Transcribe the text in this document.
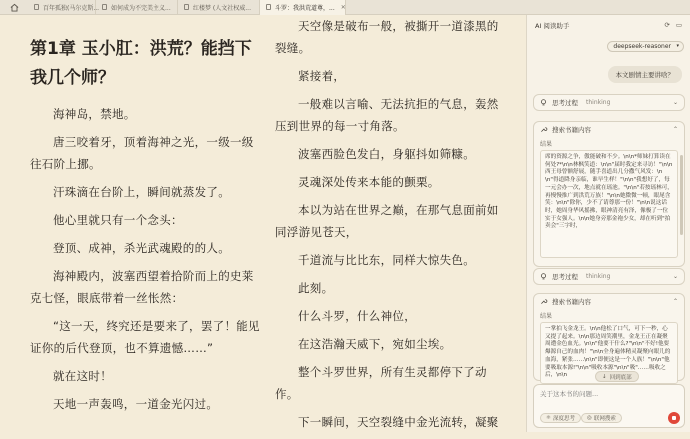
百年孤独(马尔克斯... 如何成为不完美主义...	红楼梦 (人文社权威...	斗罗：我洪荒道尊，... ✕
第1章 玉小肛：洪荒？能挡下我几个师？
海神岛，禁地。
唐三咬着牙，顶着海神之光，一级一级往石阶上挪。
汗珠滴在台阶上，瞬间就蒸发了。
他心里就只有一个念头：
登顶、成神，杀光武魂殿的的人。
海神殿内，波塞西望着拾阶而上的史莱克七怪，眼底带着一丝怅然：
“这一天，终究还是要来了，罢了！能见证你的后代登顶，也不算遗憾……”
就在这时！
天地一声轰鸣，一道金光闪过。
天空像是破布一般，被撕开一道漆黑的裂缝。
紧接着，
一般难以言喻、无法抗拒的气息，轰然压到世界的每一寸角落。
波塞西脸色发白，身躯抖如筛糠。
灵魂深处传来本能的颤栗。
本以为站在世界之巅，在那气息面前如同浮游见苍天，
千道流与比比东，同样大惊失色。
此刻。
什么斗罗，什么神位，
在这浩瀚天威下，宛如尘埃。
整个斗罗世界，所有生灵都停下了动作。
下一瞬间，天空裂缝中金光流转，凝聚
AI 阅读助手	⟳ ▭
deepseek-reasoner ▾
本文剧情主要讲啥？
思考过程 thinking	⌄
搜索书籍内容	⌃
结果
席的资源之争，傲能破和不少。\n\n*师妹打算读在何处?*\n\n林枫笑道：\n\n"届时我定来寻访！"\n\n西王母曾额舒展，随手喜道出几分撒气风发：\n\n"得道降身亲临，谁早生样！"\n\n"我想好了，每一元会办一次，地点就在瑶池。"\n\n"若按瑶林可，再慢慢推广到洪荒万族！"\n\n她微微一顿，眼尾含笑：\n\n"除你，少不了请尊那一份！"\n\n说这话时，她周身华风摇拂，眼神清亮有泽，像极了一位实于女强人。\n\n她身旁那金袍少女，却在听到"拍卖会"三字时，
思考过程 thinking	⌄
搜索书籍内容	⌃
结果
一掌拍飞金龙王。\n\n他松了口气，可下一秒，心又提了起来。\n\n那边周笑潮里，金龙王正在凝聚周遭金色血光。\n\n"他要干什么?"\n\n"不好!他要爆源自己的血肉！"\n\n全身遍体精灵凝聚向眼儿的血海，紧张……\n\n"即便这是一个人族！"\n\n"他要吸取本源!"\n\n"吸收本源"\n\n"吸"……吸收之后，\n\n	↓ 回到底部
关于这本书的问题...
⚛ 深度思考 ◎ 联网搜索
